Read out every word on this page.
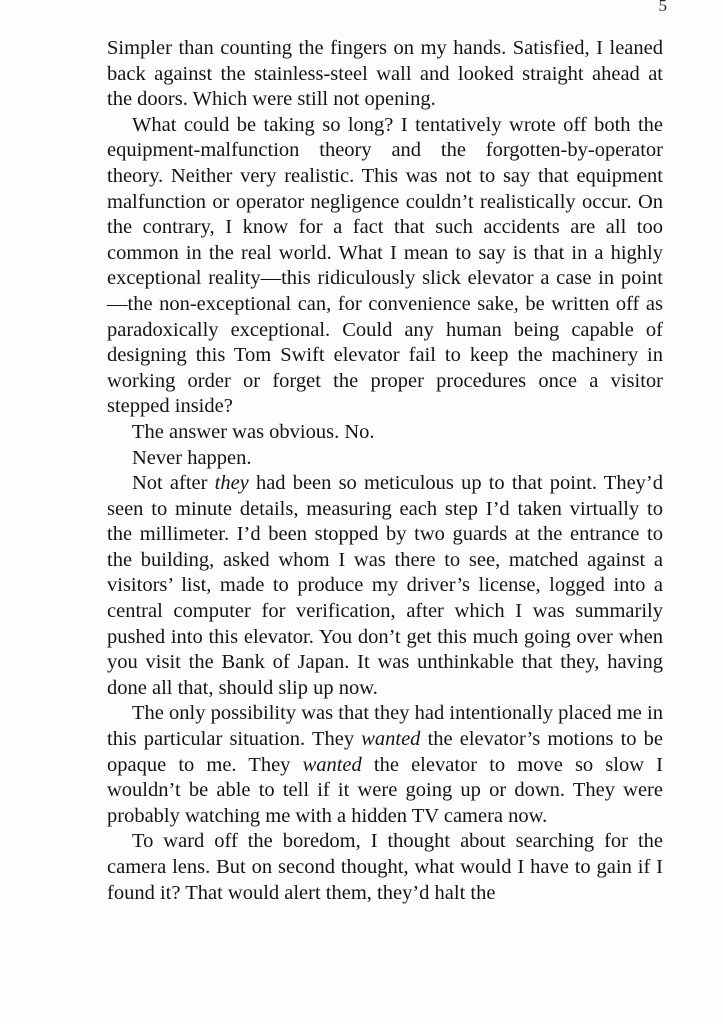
5

Simpler than counting the fingers on my hands. Satisfied, I leaned back against the stainless-steel wall and looked straight ahead at the doors. Which were still not opening.

What could be taking so long? I tentatively wrote off both the equipment-malfunction theory and the forgotten-by-operator theory. Neither very realistic. This was not to say that equipment malfunction or operator negligence couldn’t realistically occur. On the contrary, I know for a fact that such accidents are all too common in the real world. What I mean to say is that in a highly exceptional reality—this ridiculously slick elevator a case in point—the non-exceptional can, for convenience sake, be written off as paradoxically exceptional. Could any human being capable of designing this Tom Swift elevator fail to keep the machinery in working order or forget the proper procedures once a visitor stepped inside?

The answer was obvious. No.

Never happen.

Not after they had been so meticulous up to that point. They’d seen to minute details, measuring each step I’d taken virtually to the millimeter. I’d been stopped by two guards at the entrance to the building, asked whom I was there to see, matched against a visitors’ list, made to produce my driver’s license, logged into a central computer for verification, after which I was summarily pushed into this elevator. You don’t get this much going over when you visit the Bank of Japan. It was unthinkable that they, having done all that, should slip up now.

The only possibility was that they had intentionally placed me in this particular situation. They wanted the elevator’s motions to be opaque to me. They wanted the elevator to move so slow I wouldn’t be able to tell if it were going up or down. They were probably watching me with a hidden TV camera now.

To ward off the boredom, I thought about searching for the camera lens. But on second thought, what would I have to gain if I found it? That would alert them, they’d halt the
